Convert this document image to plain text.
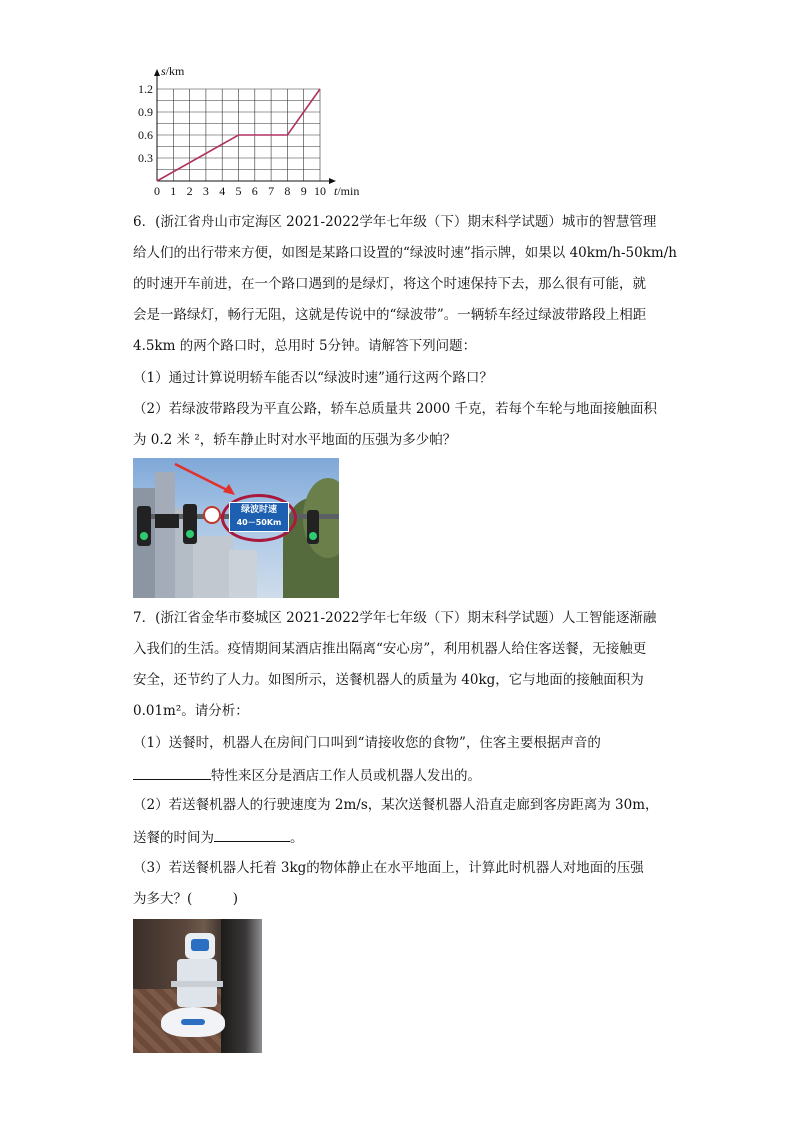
0 1 2 3 4 5 6 7 8 9 10
0.3
0.6
0.9
1.2
s/km
t/min
6．(浙江省舟山市定海区 2021-2022学年七年级（下）期末科学试题）城市的智慧管理
给人们的出行带来方便，如图是某路口设置的“绿波时速”指示牌，如果以 40km/h-50km/h
的时速开车前进，在一个路口遇到的是绿灯，将这个时速保持下去，那么很有可能，就
会是一路绿灯，畅行无阻，这就是传说中的“绿波带”。一辆轿车经过绿波带路段上相距
4.5km 的两个路口时，总用时 5分钟。请解答下列问题：
（1）通过计算说明轿车能否以“绿波时速”通行这两个路口？
（2）若绿波带路段为平直公路，轿车总质量共 2000 千克，若每个车轮与地面接触面积
为 0.2 米 ²，轿车静止时对水平地面的压强为多少帕？
绿波时速
40－50Km
7．(浙江省金华市婺城区 2021-2022学年七年级（下）期末科学试题）人工智能逐渐融
入我们的生活。疫情期间某酒店推出隔离“安心房”，利用机器人给住客送餐，无接触更
安全，还节约了人力。如图所示，送餐机器人的质量为 40kg，它与地面的接触面积为
0.01m²。请分析：
（1）送餐时，机器人在房间门口叫到“请接收您的食物”，住客主要根据声音的
特性来区分是酒店工作人员或机器人发出的。
（2）若送餐机器人的行驶速度为 2m/s，某次送餐机器人沿直走廊到客房距离为 30m，
送餐的时间为	。
（3）若送餐机器人托着 3kg的物体静止在水平地面上，计算此时机器人对地面的压强
为多大？(　　　)
